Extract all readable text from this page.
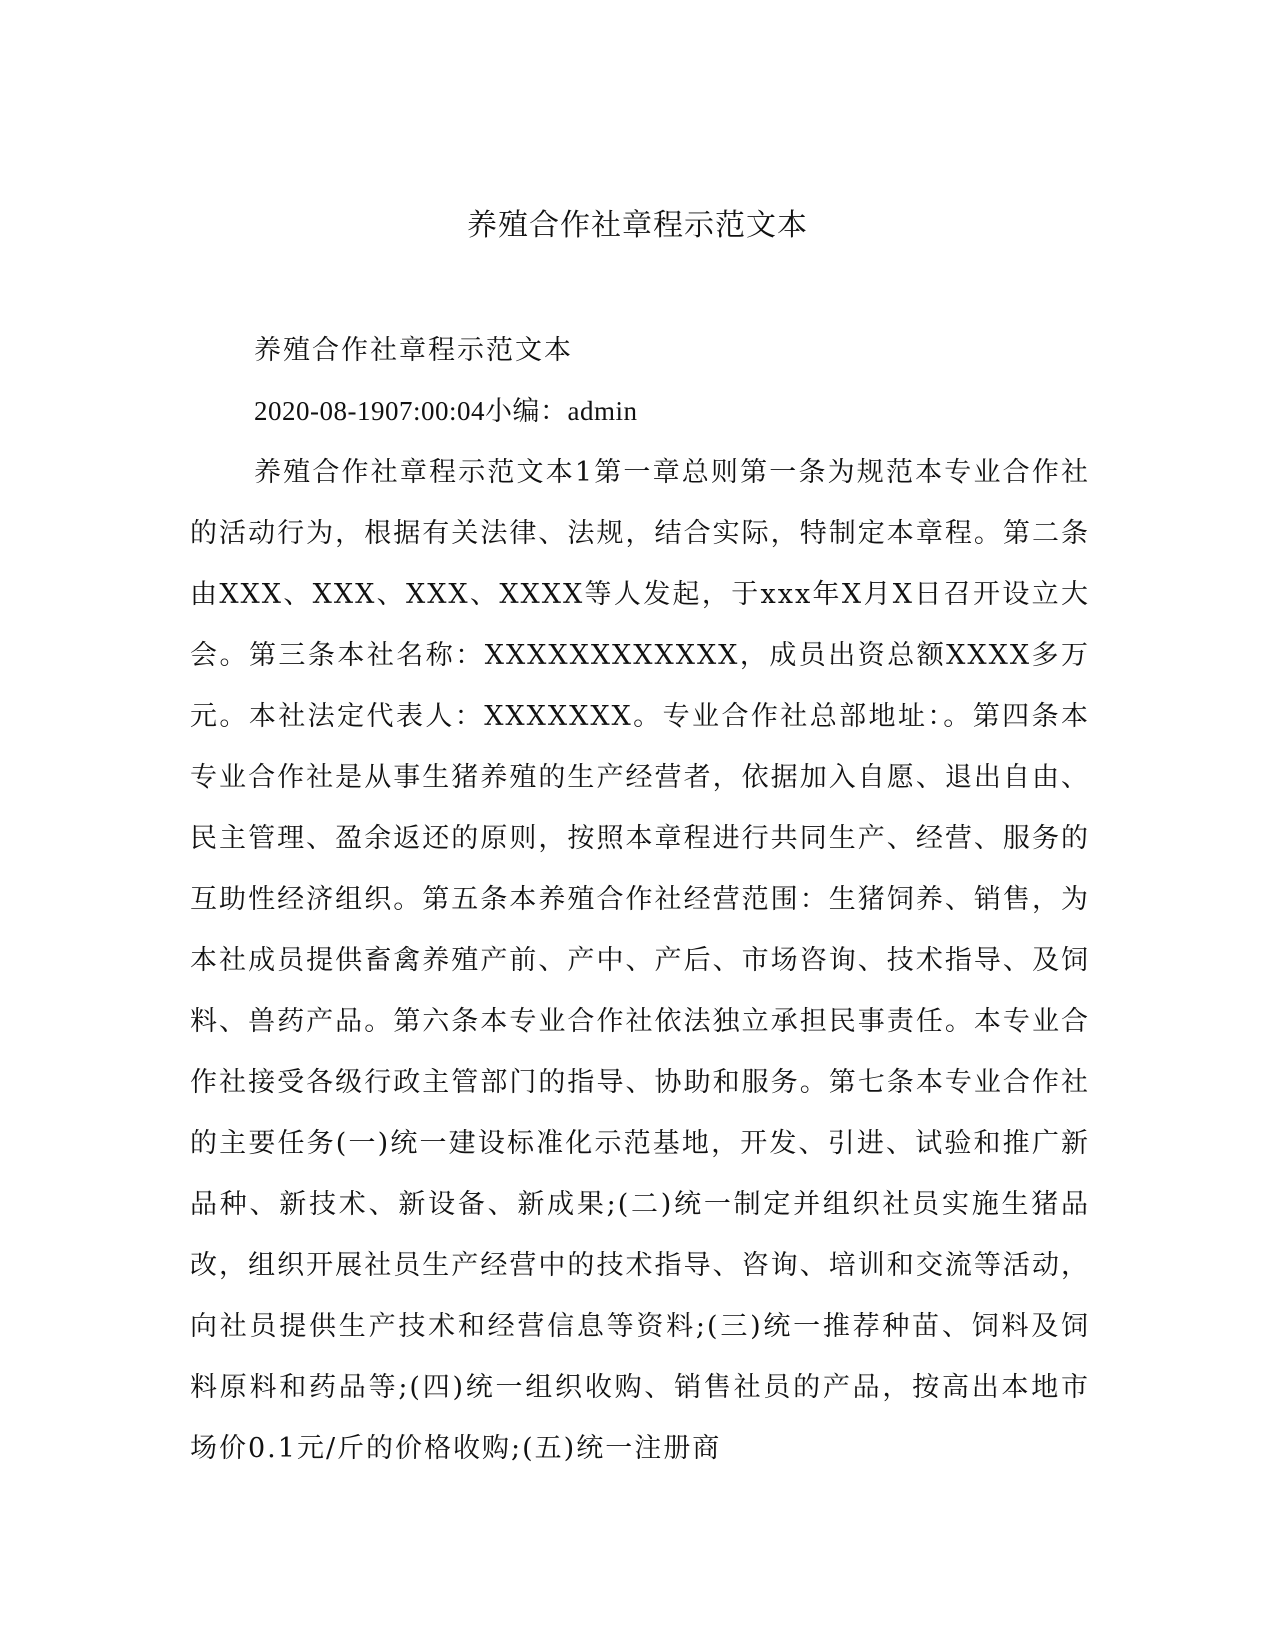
养殖合作社章程示范文本
养殖合作社章程示范文本
2020-08-1907:00:04小编：admin
养殖合作社章程示范文本1第一章总则第一条为规范本专业合作社的活动行为，根据有关法律、法规，结合实际，特制定本章程。第二条由XXX、XXX、XXX、XXXX等人发起，于xxx年X月X日召开设立大会。第三条本社名称：XXXXXXXXXXXX，成员出资总额XXXX多万元。本社法定代表人：XXXXXXX。专业合作社总部地址：。第四条本专业合作社是从事生猪养殖的生产经营者，依据加入自愿、退出自由、民主管理、盈余返还的原则，按照本章程进行共同生产、经营、服务的互助性经济组织。第五条本养殖合作社经营范围：生猪饲养、销售，为本社成员提供畜禽养殖产前、产中、产后、市场咨询、技术指导、及饲料、兽药产品。第六条本专业合作社依法独立承担民事责任。本专业合作社接受各级行政主管部门的指导、协助和服务。第七条本专业合作社的主要任务(一)统一建设标准化示范基地，开发、引进、试验和推广新品种、新技术、新设备、新成果;(二)统一制定并组织社员实施生猪品改，组织开展社员生产经营中的技术指导、咨询、培训和交流等活动，向社员提供生产技术和经营信息等资料;(三)统一推荐种苗、饲料及饲料原料和药品等;(四)统一组织收购、销售社员的产品，按高出本地市场价0.1元/斤的价格收购;(五)统一注册商
